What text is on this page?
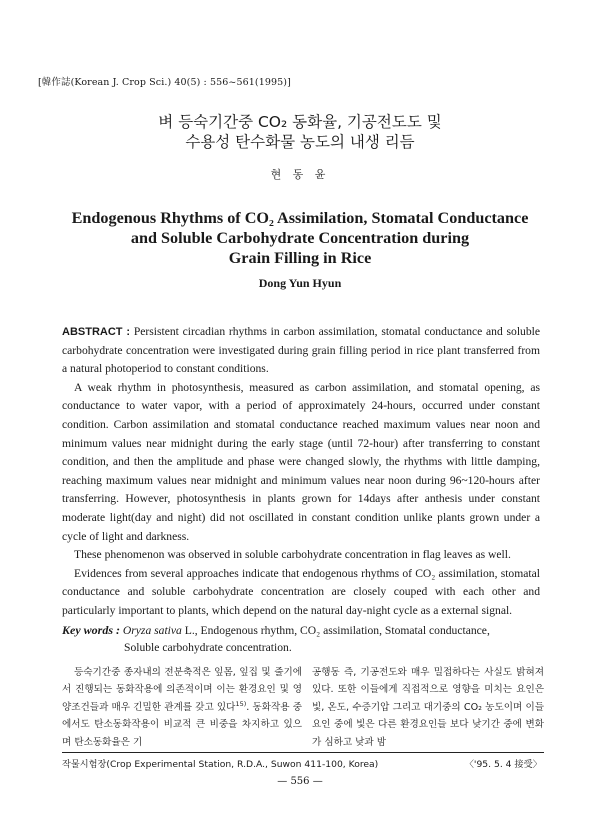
[韓作誌(Korean J. Crop Sci.) 40(5) : 556~561(1995)]
벼 등숙기간중 CO₂ 동화율, 기공전도도 및
수용성 탄수화물 농도의 내생 리듬
현 동 윤
Endogenous Rhythms of CO₂ Assimilation, Stomatal Conductance
and Soluble Carbohydrate Concentration during
Grain Filling in Rice
Dong Yun Hyun

ABSTRACT : Persistent circadian rhythms in carbon assimilation, stomatal conductance and soluble carbohydrate concentration were investigated during grain filling period in rice plant transferred from a natural photoperiod to constant conditions.

A weak rhythm in photosynthesis, measured as carbon assimilation, and stomatal opening, as conductance to water vapor, with a period of approximately 24-hours, occurred under constant condition. Carbon assimilation and stomatal conductance reached maximum values near noon and minimum values near midnight during the early stage (until 72-hour) after transferring to constant condition, and then the amplitude and phase were changed slowly, the rhythms with little damping, reaching maximum values near midnight and minimum values near noon during 96~120-hours after transferring. However, photosynthesis in plants grown for 14days after anthesis under constant moderate light(day and night) did not oscillated in constant condition unlike plants grown under a cycle of light and darkness.

These phenomenon was observed in soluble carbohydrate concentration in flag leaves as well.

Evidences from several approaches indicate that endogenous rhythms of CO₂ assimilation, stomatal conductance and soluble carbohydrate concentration are closely couped with each other and particularly important to plants, which depend on the natural day-night cycle as a external signal.

Key words : Oryza sativa L., Endogenous rhythm, CO₂ assimilation, Stomatal conductance,
Soluble carbohydrate concentration.

등숙기간중 종자내의 전분축적은 잎몸, 잎집 및 줄기에서 진행되는 동화작용에 의존적이며 이는 환경요인 및 영양조건들과 매우 긴밀한 관계를 갖고 있다$^{15)}$. 동화작용 중에서도 탄소동화작용이 비교적 큰 비중을 차지하고 있으며 탄소동화율은 기

공행동 즉, 기공전도와 매우 밀접하다는 사실도 밝혀져 있다. 또한 이들에게 직접적으로 영향을 미치는 요인은 빛, 온도, 수증기압 그리고 대기중의 CO₂ 농도이며 이들 요인 중에 빛은 다른 환경요인들 보다 낮기간 중에 변화가 심하고 낮과 밤

작물시험장(Crop Experimental Station, R.D.A., Suwon 411-100, Korea)	〈'95. 5. 4 接受〉
— 556 —
